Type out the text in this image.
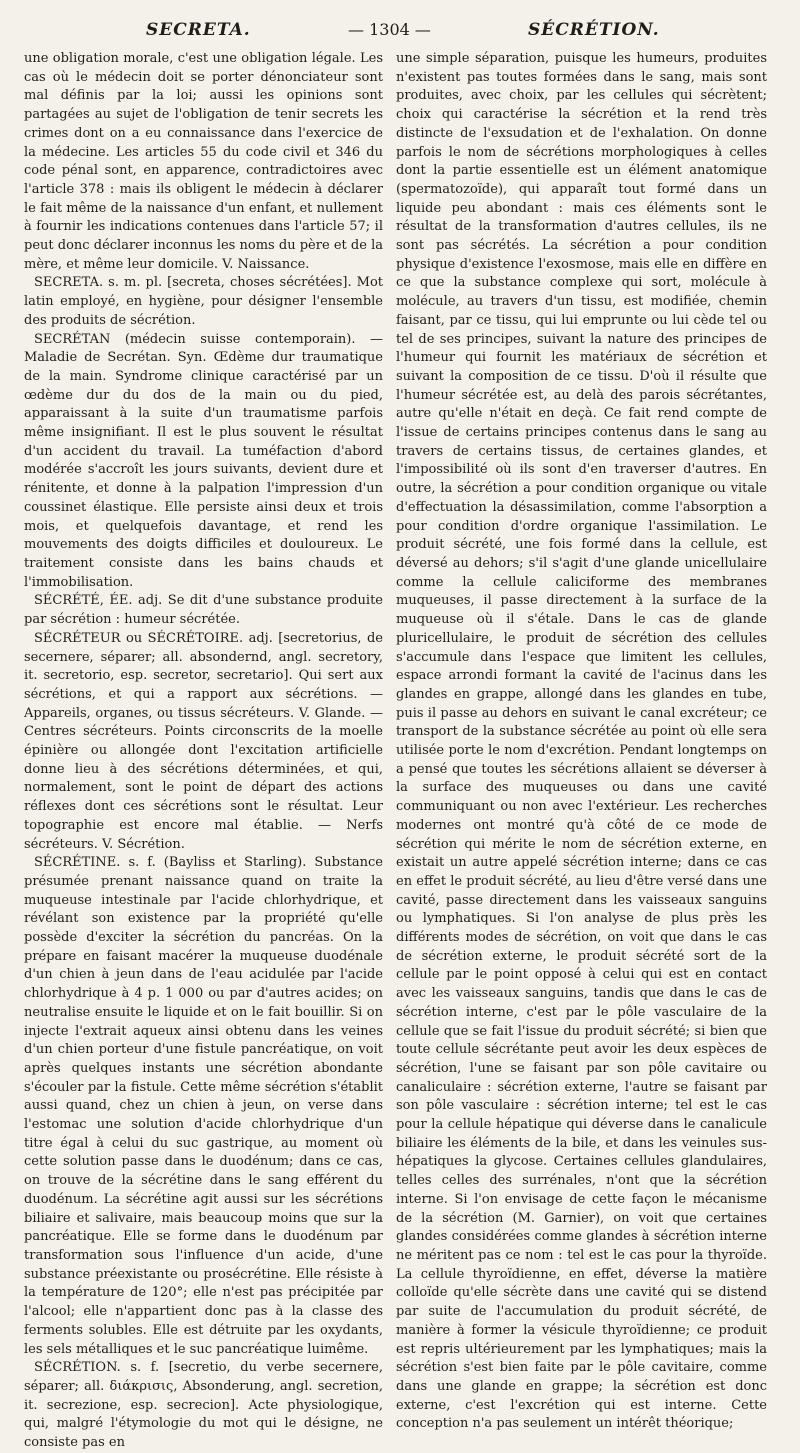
SECRETA.	— 1304 —	SÉCRÉTION.

une obligation morale, c'est une obligation légale. Les cas où le médecin doit se porter dénonciateur sont mal définis par la loi; aussi les opinions sont partagées au sujet de l'obligation de tenir secrets les crimes dont on a eu connaissance dans l'exercice de la médecine. Les articles 55 du code civil et 346 du code pénal sont, en apparence, contradictoires avec l'article 378 : mais ils obligent le médecin à déclarer le fait même de la naissance d'un enfant, et nullement à fournir les indications contenues dans l'article 57; il peut donc déclarer inconnus les noms du père et de la mère, et même leur domicile. V. Naissance.

SECRETA. s. m. pl. [secreta, choses sécrétées]. Mot latin employé, en hygiène, pour désigner l'ensemble des produits de sécrétion.

SECRÉTAN (médecin suisse contemporain). — Maladie de Secrétan. Syn. Œdème dur traumatique de la main. Syndrome clinique caractérisé par un œdème dur du dos de la main ou du pied, apparaissant à la suite d'un traumatisme parfois même insignifiant. Il est le plus souvent le résultat d'un accident du travail. La tuméfaction d'abord modérée s'accroît les jours suivants, devient dure et rénitente, et donne à la palpation l'impression d'un coussinet élastique. Elle persiste ainsi deux et trois mois, et quelquefois davantage, et rend les mouvements des doigts difficiles et douloureux. Le traitement consiste dans les bains chauds et l'immobilisation.

SÉCRÉTÉ, ÉE. adj. Se dit d'une substance produite par sécrétion : humeur sécrétée.

SÉCRÉTEUR ou SÉCRÉTOIRE. adj. [secretorius, de secernere, séparer; all. absondernd, angl. secretory, it. secretorio, esp. secretor, secretario]. Qui sert aux sécrétions, et qui a rapport aux sécrétions. — Appareils, organes, ou tissus sécréteurs. V. Glande. — Centres sécréteurs. Points circonscrits de la moelle épinière ou allongée dont l'excitation artificielle donne lieu à des sécrétions déterminées, et qui, normalement, sont le point de départ des actions réflexes dont ces sécrétions sont le résultat. Leur topographie est encore mal établie. — Nerfs sécréteurs. V. Sécrétion.

SÉCRÉTINE. s. f. (Bayliss et Starling). Substance présumée prenant naissance quand on traite la muqueuse intestinale par l'acide chlorhydrique, et révélant son existence par la propriété qu'elle possède d'exciter la sécrétion du pancréas. On la prépare en faisant macérer la muqueuse duodénale d'un chien à jeun dans de l'eau acidulée par l'acide chlorhydrique à 4 p. 1 000 ou par d'autres acides; on neutralise ensuite le liquide et on le fait bouillir. Si on injecte l'extrait aqueux ainsi obtenu dans les veines d'un chien porteur d'une fistule pancréatique, on voit après quelques instants une sécrétion abondante s'écouler par la fistule. Cette même sécrétion s'établit aussi quand, chez un chien à jeun, on verse dans l'estomac une solution d'acide chlorhydrique d'un titre égal à celui du suc gastrique, au moment où cette solution passe dans le duodénum; dans ce cas, on trouve de la sécrétine dans le sang efférent du duodénum. La sécrétine agit aussi sur les sécrétions biliaire et salivaire, mais beaucoup moins que sur la pancréatique. Elle se forme dans le duodénum par transformation sous l'influence d'un acide, d'une substance préexistante ou prosécrétine. Elle résiste à la température de 120°; elle n'est pas précipitée par l'alcool; elle n'appartient donc pas à la classe des ferments solubles. Elle est détruite par les oxydants, les sels métalliques et le suc pancréatique luimême.

SÉCRÉTION. s. f. [secretio, du verbe secernere, séparer; all. διάκρισις, Absonderung, angl. secretion, it. secrezione, esp. secrecion]. Acte physiologique, qui, malgré l'étymologie du mot qui le désigne, ne consiste pas en

une simple séparation, puisque les humeurs, produites n'existent pas toutes formées dans le sang, mais sont produites, avec choix, par les cellules qui sécrètent; choix qui caractérise la sécrétion et la rend très distincte de l'exsudation et de l'exhalation. On donne parfois le nom de sécrétions morphologiques à celles dont la partie essentielle est un élément anatomique (spermatozoïde), qui apparaît tout formé dans un liquide peu abondant : mais ces éléments sont le résultat de la transformation d'autres cellules, ils ne sont pas sécrétés. La sécrétion a pour condition physique d'existence l'exosmose, mais elle en diffère en ce que la substance complexe qui sort, molécule à molécule, au travers d'un tissu, est modifiée, chemin faisant, par ce tissu, qui lui emprunte ou lui cède tel ou tel de ses principes, suivant la nature des principes de l'humeur qui fournit les matériaux de sécrétion et suivant la composition de ce tissu. D'où il résulte que l'humeur sécrétée est, au delà des parois sécrétantes, autre qu'elle n'était en deçà. Ce fait rend compte de l'issue de certains principes contenus dans le sang au travers de certains tissus, de certaines glandes, et l'impossibilité où ils sont d'en traverser d'autres. En outre, la sécrétion a pour condition organique ou vitale d'effectuation la désassimilation, comme l'absorption a pour condition d'ordre organique l'assimilation. Le produit sécrété, une fois formé dans la cellule, est déversé au dehors; s'il s'agit d'une glande unicellulaire comme la cellule caliciforme des membranes muqueuses, il passe directement à la surface de la muqueuse où il s'étale. Dans le cas de glande pluricellulaire, le produit de sécrétion des cellules s'accumule dans l'espace que limitent les cellules, espace arrondi formant la cavité de l'acinus dans les glandes en grappe, allongé dans les glandes en tube, puis il passe au dehors en suivant le canal excréteur; ce transport de la substance sécrétée au point où elle sera utilisée porte le nom d'excrétion. Pendant longtemps on a pensé que toutes les sécrétions allaient se déverser à la surface des muqueuses ou dans une cavité communiquant ou non avec l'extérieur. Les recherches modernes ont montré qu'à côté de ce mode de sécrétion qui mérite le nom de sécrétion externe, en existait un autre appelé sécrétion interne; dans ce cas en effet le produit sécrété, au lieu d'être versé dans une cavité, passe directement dans les vaisseaux sanguins ou lymphatiques. Si l'on analyse de plus près les différents modes de sécrétion, on voit que dans le cas de sécrétion externe, le produit sécrété sort de la cellule par le point opposé à celui qui est en contact avec les vaisseaux sanguins, tandis que dans le cas de sécrétion interne, c'est par le pôle vasculaire de la cellule que se fait l'issue du produit sécrété; si bien que toute cellule sécrétante peut avoir les deux espèces de sécrétion, l'une se faisant par son pôle cavitaire ou canaliculaire : sécrétion externe, l'autre se faisant par son pôle vasculaire : sécrétion interne; tel est le cas pour la cellule hépatique qui déverse dans le canalicule biliaire les éléments de la bile, et dans les veinules sus-hépatiques la glycose. Certaines cellules glandulaires, telles celles des surrénales, n'ont que la sécrétion interne. Si l'on envisage de cette façon le mécanisme de la sécrétion (M. Garnier), on voit que certaines glandes considérées comme glandes à sécrétion interne ne méritent pas ce nom : tel est le cas pour la thyroïde. La cellule thyroïdienne, en effet, déverse la matière colloïde qu'elle sécrète dans une cavité qui se distend par suite de l'accumulation du produit sécrété, de manière à former la vésicule thyroïdienne; ce produit est repris ultérieurement par les lymphatiques; mais la sécrétion s'est bien faite par le pôle cavitaire, comme dans une glande en grappe; la sécrétion est donc externe, c'est l'excrétion qui est interne. Cette conception n'a pas seulement un intérêt théorique;
